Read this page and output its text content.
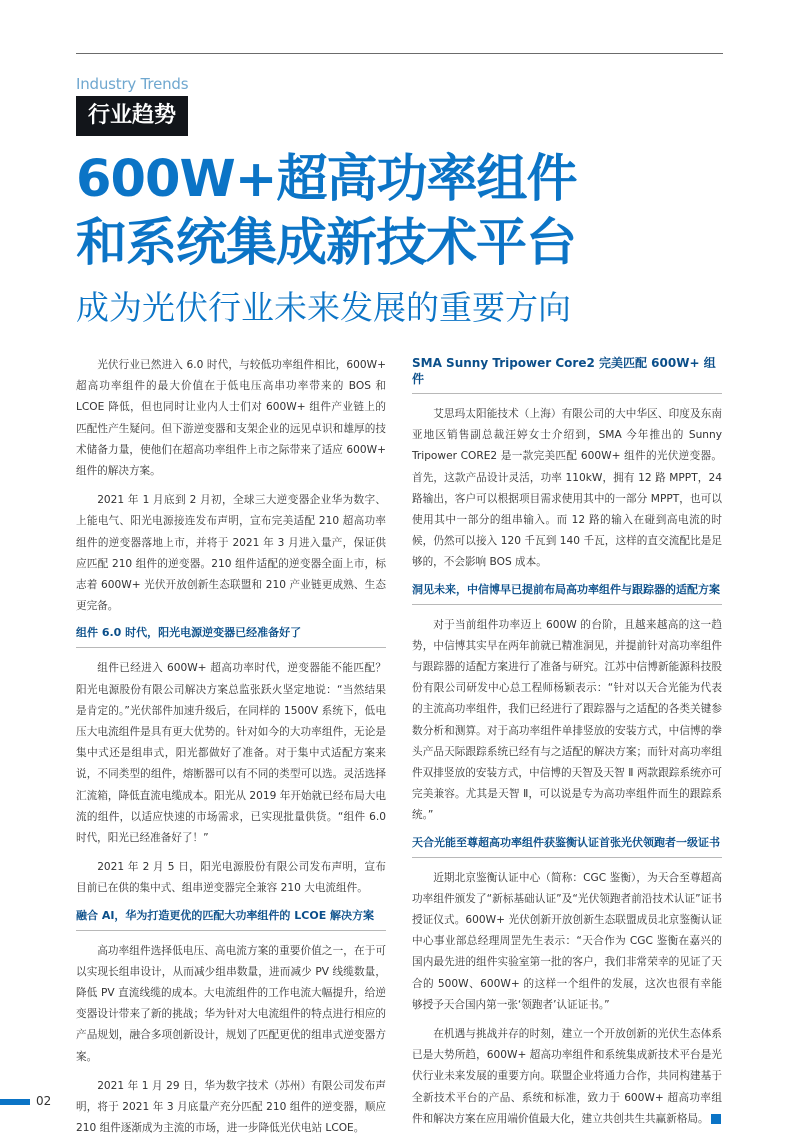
Industry Trends
行业趋势
600W+超高功率组件
和系统集成新技术平台
成为光伏行业未来发展的重要方向

光伏行业已然进入 6.0 时代，与较低功率组件相比，600W+ 超高功率组件的最大价值在于低电压高串功率带来的 BOS 和 LCOE 降低，但也同时让业内人士们对 600W+ 组件产业链上的匹配性产生疑问。但下游逆变器和支架企业的远见卓识和雄厚的技术储备力量，使他们在超高功率组件上市之际带来了适应 600W+ 组件的解决方案。

2021 年 1 月底到 2 月初，全球三大逆变器企业华为数字、上能电气、阳光电源接连发布声明，宣布完美适配 210 超高功率组件的逆变器落地上市，并将于 2021 年 3 月进入量产，保证供应匹配 210 组件的逆变器。210 组件适配的逆变器全面上市，标志着 600W+ 光伏开放创新生态联盟和 210 产业链更成熟、生态更完备。

组件 6.0 时代，阳光电源逆变器已经准备好了

组件已经进入 600W+ 超高功率时代，逆变器能不能匹配？阳光电源股份有限公司解决方案总监张跃火坚定地说：“当然结果是肯定的。”光伏部件加速升级后，在同样的 1500V 系统下，低电压大电流组件是具有更大优势的。针对如今的大功率组件，无论是集中式还是组串式，阳光都做好了准备。对于集中式适配方案来说，不同类型的组件，熔断器可以有不同的类型可以选。灵活选择汇流箱，降低直流电缆成本。阳光从 2019 年开始就已经布局大电流的组件，以适应快速的市场需求，已实现批量供货。“组件 6.0 时代，阳光已经准备好了！”

2021 年 2 月 5 日，阳光电源股份有限公司发布声明，宣布目前已在供的集中式、组串逆变器完全兼容 210 大电流组件。

融合 AI，华为打造更优的匹配大功率组件的 LCOE 解决方案

高功率组件选择低电压、高电流方案的重要价值之一，在于可以实现长组串设计，从而减少组串数量，进而减少 PV 线缆数量，降低 PV 直流线缆的成本。大电流组件的工作电流大幅提升，给逆变器设计带来了新的挑战；华为针对大电流组件的特点进行相应的产品规划，融合多项创新设计，规划了匹配更优的组串式逆变器方案。

2021 年 1 月 29 日，华为数字技术（苏州）有限公司发布声明，将于 2021 年 3 月底量产充分匹配 210 组件的逆变器，顺应 210 组件逐渐成为主流的市场，进一步降低光伏电站 LCOE。

SMA Sunny Tripower Core2 完美匹配 600W+ 组件

艾思玛太阳能技术（上海）有限公司的大中华区、印度及东南亚地区销售副总裁汪婷女士介绍到，SMA 今年推出的 Sunny Tripower CORE2 是一款完美匹配 600W+ 组件的光伏逆变器。首先，这款产品设计灵活，功率 110kW，拥有 12 路 MPPT，24 路输出，客户可以根据项目需求使用其中的一部分 MPPT，也可以使用其中一部分的组串输入。而 12 路的输入在碰到高电流的时候，仍然可以接入 120 千瓦到 140 千瓦，这样的直交流配比是足够的，不会影响 BOS 成本。

洞见未来，中信博早已提前布局高功率组件与跟踪器的适配方案

对于当前组件功率迈上 600W 的台阶，且越来越高的这一趋势，中信博其实早在两年前就已精准洞见，并提前针对高功率组件与跟踪器的适配方案进行了准备与研究。江苏中信博新能源科技股份有限公司研发中心总工程师杨颖表示：“针对以天合光能为代表的主流高功率组件，我们已经进行了跟踪器与之适配的各类关键参数分析和测算。对于高功率组件单排竖放的安装方式，中信博的拳头产品天际跟踪系统已经有与之适配的解决方案；而针对高功率组件双排竖放的安装方式，中信博的天智及天智 Ⅱ 两款跟踪系统亦可完美兼容。尤其是天智 Ⅱ，可以说是专为高功率组件而生的跟踪系统。”

天合光能至尊超高功率组件获鉴衡认证首张光伏领跑者一级证书

近期北京鉴衡认证中心（简称：CGC 鉴衡），为天合至尊超高功率组件颁发了“新标基础认证”及“光伏领跑者前沿技术认证”证书授证仪式。600W+ 光伏创新开放创新生态联盟成员北京鉴衡认证中心事业部总经理周罡先生表示：“天合作为 CGC 鉴衡在嘉兴的国内最先进的组件实验室第一批的客户，我们非常荣幸的见证了天合的 500W、600W+ 的这样一个组件的发展，这次也很有幸能够授予天合国内第一张‘领跑者’认证证书。”

在机遇与挑战并存的时刻，建立一个开放创新的光伏生态体系已是大势所趋，600W+ 超高功率组件和系统集成新技术平台是光伏行业未来发展的重要方向。联盟企业将通力合作，共同构建基于全新技术平台的产品、系统和标准，致力于 600W+ 超高功率组件和解决方案在应用端价值最大化，建立共创共生共赢新格局。

02
